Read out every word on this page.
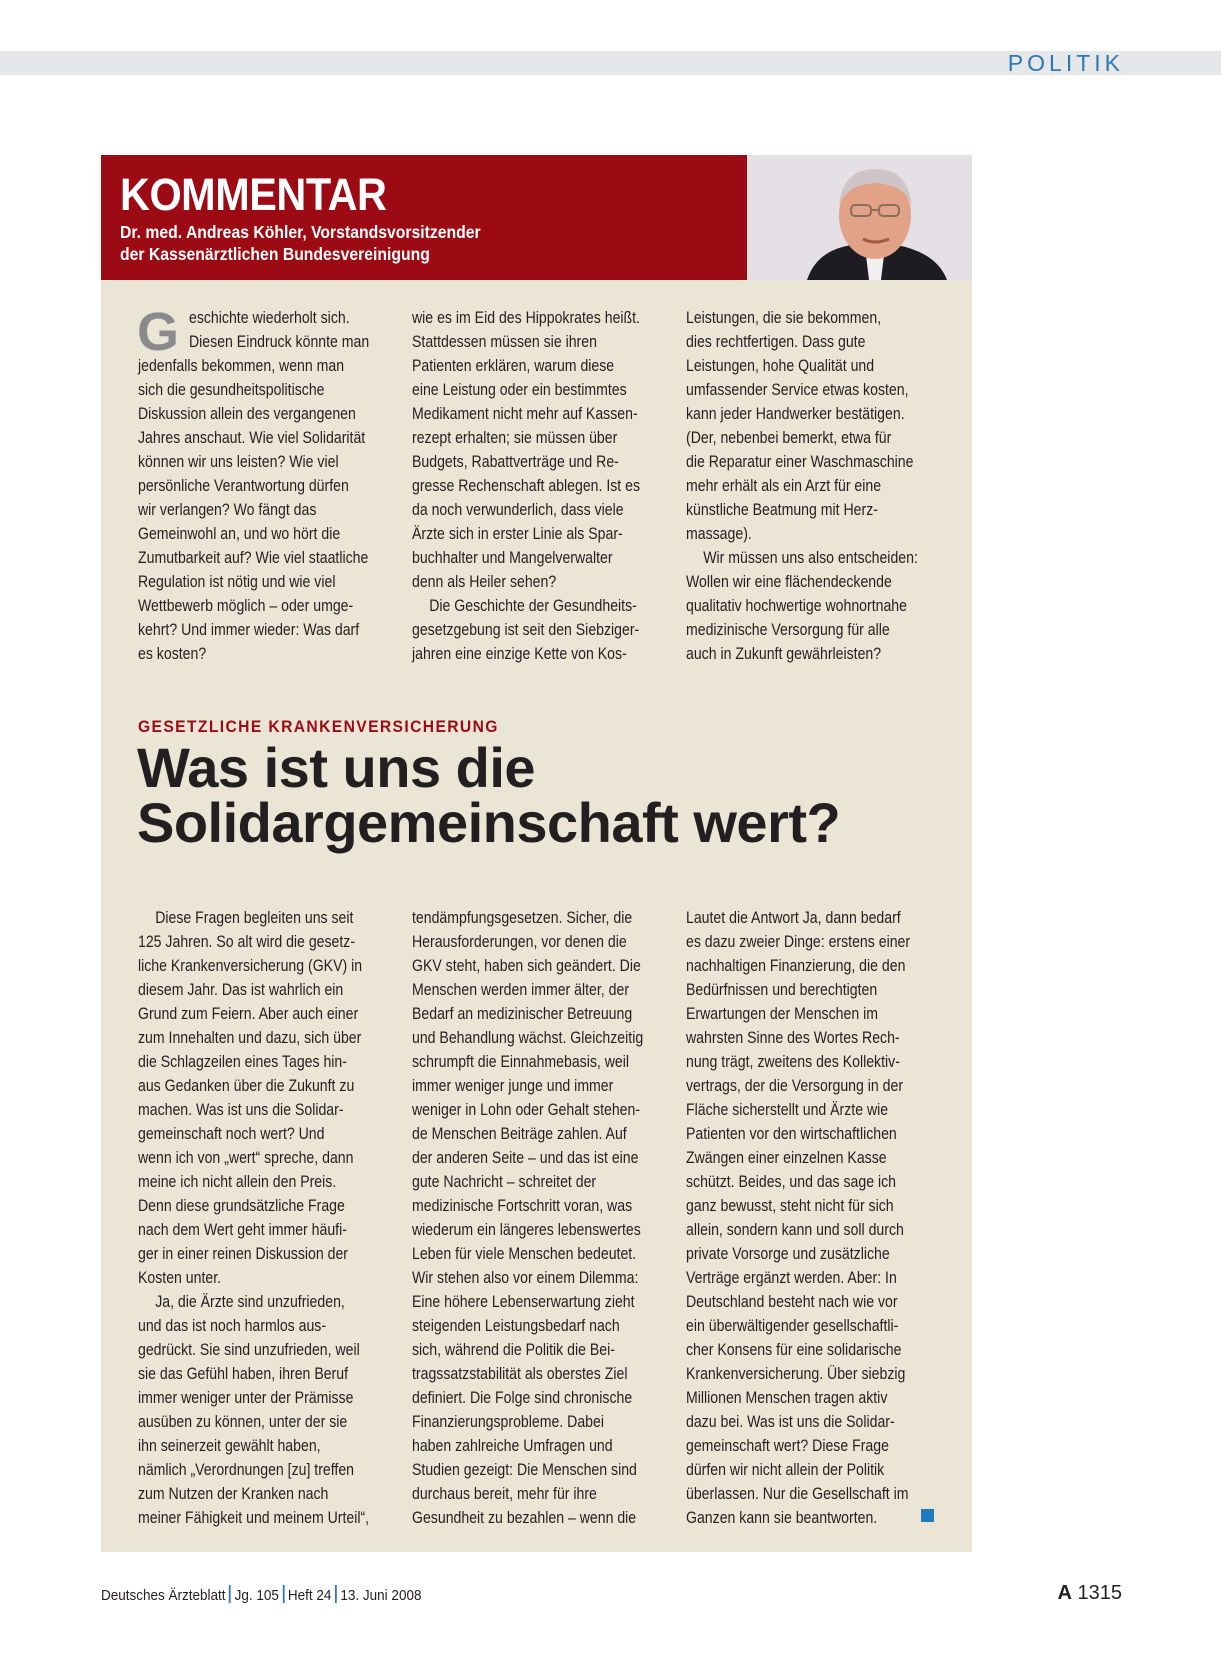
POLITIK
KOMMENTAR
Dr. med. Andreas Köhler, Vorstandsvorsitzender
der Kassenärztlichen Bundesvereinigung
G eschichte wiederholt sich.

Diesen Eindruck könnte man

jedenfalls bekommen, wenn man

sich die gesundheitspolitische

Diskussion allein des vergangenen

Jahres anschaut. Wie viel Solidarität

können wir uns leisten? Wie viel

persönliche Verantwortung dürfen

wir verlangen? Wo fängt das

Gemeinwohl an, und wo hört die

Zumutbarkeit auf? Wie viel staatliche

Regulation ist nötig und wie viel

Wettbewerb möglich – oder umge-

kehrt? Und immer wieder: Was darf

es kosten?

wie es im Eid des Hippokrates heißt.

Stattdessen müssen sie ihren

Patienten erklären, warum diese

eine Leistung oder ein bestimmtes

Medikament nicht mehr auf Kassen-

rezept erhalten; sie müssen über

Budgets, Rabattverträge und Re-

gresse Rechenschaft ablegen. Ist es

da noch verwunderlich, dass viele

Ärzte sich in erster Linie als Spar-

buchhalter und Mangelverwalter

denn als Heiler sehen?

Die Geschichte der Gesundheits-

gesetzgebung ist seit den Siebziger-

jahren eine einzige Kette von Kos-

Leistungen, die sie bekommen,

dies rechtfertigen. Dass gute

Leistungen, hohe Qualität und

umfassender Service etwas kosten,

kann jeder Handwerker bestätigen.

(Der, nebenbei bemerkt, etwa für

die Reparatur einer Waschmaschine

mehr erhält als ein Arzt für eine

künstliche Beatmung mit Herz-

massage).

Wir müssen uns also entscheiden:

Wollen wir eine flächendeckende

qualitativ hochwertige wohnortnahe

medizinische Versorgung für alle

auch in Zukunft gewährleisten?

GESETZLICHE KRANKENVERSICHERUNG
Was ist uns die
Solidargemeinschaft wert?

Diese Fragen begleiten uns seit

125 Jahren. So alt wird die gesetz-

liche Krankenversicherung (GKV) in

diesem Jahr. Das ist wahrlich ein

Grund zum Feiern. Aber auch einer

zum Innehalten und dazu, sich über

die Schlagzeilen eines Tages hin-

aus Gedanken über die Zukunft zu

machen. Was ist uns die Solidar-

gemeinschaft noch wert? Und

wenn ich von „wert“ spreche, dann

meine ich nicht allein den Preis.

Denn diese grundsätzliche Frage

nach dem Wert geht immer häufi-

ger in einer reinen Diskussion der

Kosten unter.

Ja, die Ärzte sind unzufrieden,

und das ist noch harmlos aus-

gedrückt. Sie sind unzufrieden, weil

sie das Gefühl haben, ihren Beruf

immer weniger unter der Prämisse

ausüben zu können, unter der sie

ihn seinerzeit gewählt haben,

nämlich „Verordnungen [zu] treffen

zum Nutzen der Kranken nach

meiner Fähigkeit und meinem Urteil“,

tendämpfungsgesetzen. Sicher, die

Herausforderungen, vor denen die

GKV steht, haben sich geändert. Die

Menschen werden immer älter, der

Bedarf an medizinischer Betreuung

und Behandlung wächst. Gleichzeitig

schrumpft die Einnahmebasis, weil

immer weniger junge und immer

weniger in Lohn oder Gehalt stehen-

de Menschen Beiträge zahlen. Auf

der anderen Seite – und das ist eine

gute Nachricht – schreitet der

medizinische Fortschritt voran, was

wiederum ein längeres lebenswertes

Leben für viele Menschen bedeutet.

Wir stehen also vor einem Dilemma:

Eine höhere Lebenserwartung zieht

steigenden Leistungsbedarf nach

sich, während die Politik die Bei-

tragssatzstabilität als oberstes Ziel

definiert. Die Folge sind chronische

Finanzierungsprobleme. Dabei

haben zahlreiche Umfragen und

Studien gezeigt: Die Menschen sind

durchaus bereit, mehr für ihre

Gesundheit zu bezahlen – wenn die

Lautet die Antwort Ja, dann bedarf

es dazu zweier Dinge: erstens einer

nachhaltigen Finanzierung, die den

Bedürfnissen und berechtigten

Erwartungen der Menschen im

wahrsten Sinne des Wortes Rech-

nung trägt, zweitens des Kollektiv-

vertrags, der die Versorgung in der

Fläche sicherstellt und Ärzte wie

Patienten vor den wirtschaftlichen

Zwängen einer einzelnen Kasse

schützt. Beides, und das sage ich

ganz bewusst, steht nicht für sich

allein, sondern kann und soll durch

private Vorsorge und zusätzliche

Verträge ergänzt werden. Aber: In

Deutschland besteht nach wie vor

ein überwältigender gesellschaftli-

cher Konsens für eine solidarische

Krankenversicherung. Über siebzig

Millionen Menschen tragen aktiv

dazu bei. Was ist uns die Solidar-

gemeinschaft wert? Diese Frage

dürfen wir nicht allein der Politik

überlassen. Nur die Gesellschaft im

Ganzen kann sie beantworten.

Deutsches Ärzteblatt Jg. 105 Heft 24 13. Juni 2008	A 1315
